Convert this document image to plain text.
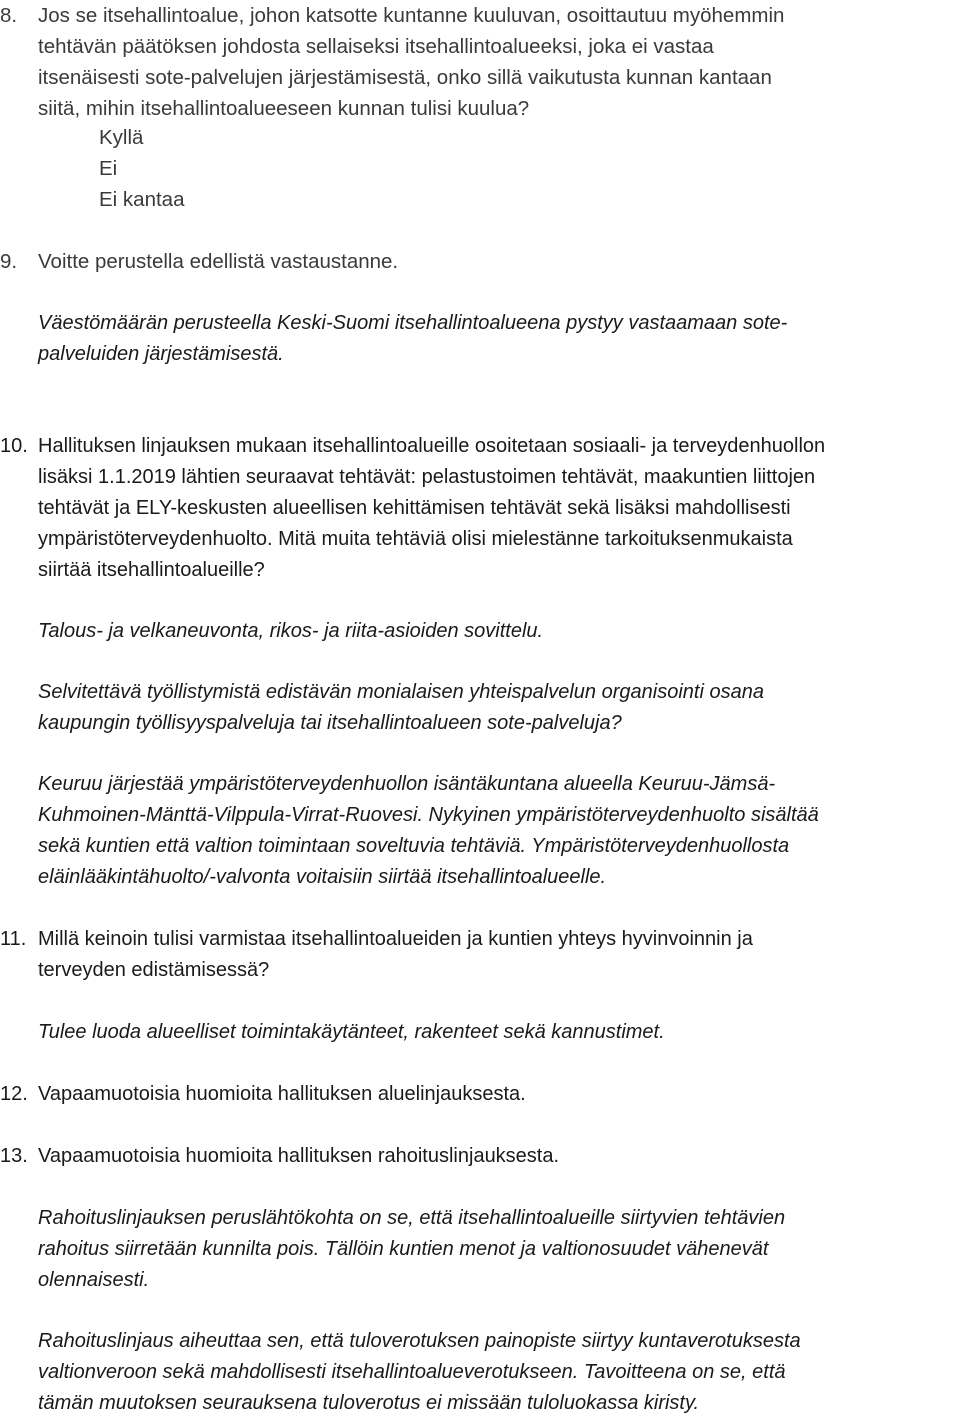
8. Jos se itsehallintoalue, johon katsotte kuntanne kuuluvan, osoittautuu myöhemmin
tehtävän päätöksen johdosta sellaiseksi itsehallintoalueeksi, joka ei vastaa
itsenäisesti sote-palvelujen järjestämisestä, onko sillä vaikutusta kunnan kantaan
siitä, mihin itsehallintoalueeseen kunnan tulisi kuulua?
Kyllä
Ei
Ei kantaa
9. Voitte perustella edellistä vastaustanne.
Väestömäärän perusteella Keski-Suomi itsehallintoalueena pystyy vastaamaan sote-
palveluiden järjestämisestä.
10. Hallituksen linjauksen mukaan itsehallintoalueille osoitetaan sosiaali- ja terveydenhuollon
lisäksi 1.1.2019 lähtien seuraavat tehtävät: pelastustoimen tehtävät, maakuntien liittojen
tehtävät ja ELY-keskusten alueellisen kehittämisen tehtävät sekä lisäksi mahdollisesti
ympäristöterveydenhuolto. Mitä muita tehtäviä olisi mielestänne tarkoituksenmukaista
siirtää itsehallintoalueille?
Talous- ja velkaneuvonta, rikos- ja riita-asioiden sovittelu.
Selvitettävä työllistymistä edistävän monialaisen yhteispalvelun organisointi osana
kaupungin työllisyyspalveluja tai itsehallintoalueen sote-palveluja?
Keuruu järjestää ympäristöterveydenhuollon isäntäkuntana alueella Keuruu-Jämsä-
Kuhmoinen-Mänttä-Vilppula-Virrat-Ruovesi. Nykyinen ympäristöterveydenhuolto sisältää
sekä kuntien että valtion toimintaan soveltuvia tehtäviä. Ympäristöterveydenhuollosta
eläinlääkintähuolto/-valvonta voitaisiin siirtää itsehallintoalueelle.
11. Millä keinoin tulisi varmistaa itsehallintoalueiden ja kuntien yhteys hyvinvoinnin ja
terveyden edistämisessä?
Tulee luoda alueelliset toimintakäytänteet, rakenteet sekä kannustimet.
12. Vapaamuotoisia huomioita hallituksen aluelinjauksesta.
13. Vapaamuotoisia huomioita hallituksen rahoituslinjauksesta.
Rahoituslinjauksen peruslähtökohta on se, että itsehallintoalueille siirtyvien tehtävien
rahoitus siirretään kunnilta pois. Tällöin kuntien menot ja valtionosuudet vähenevät
olennaisesti.
Rahoituslinjaus aiheuttaa sen, että tuloverotuksen painopiste siirtyy kuntaverotuksesta
valtionveroon sekä mahdollisesti itsehallintoalueverotukseen. Tavoitteena on se, että
tämän muutoksen seurauksena tuloverotus ei missään tuloluokassa kiristy.
